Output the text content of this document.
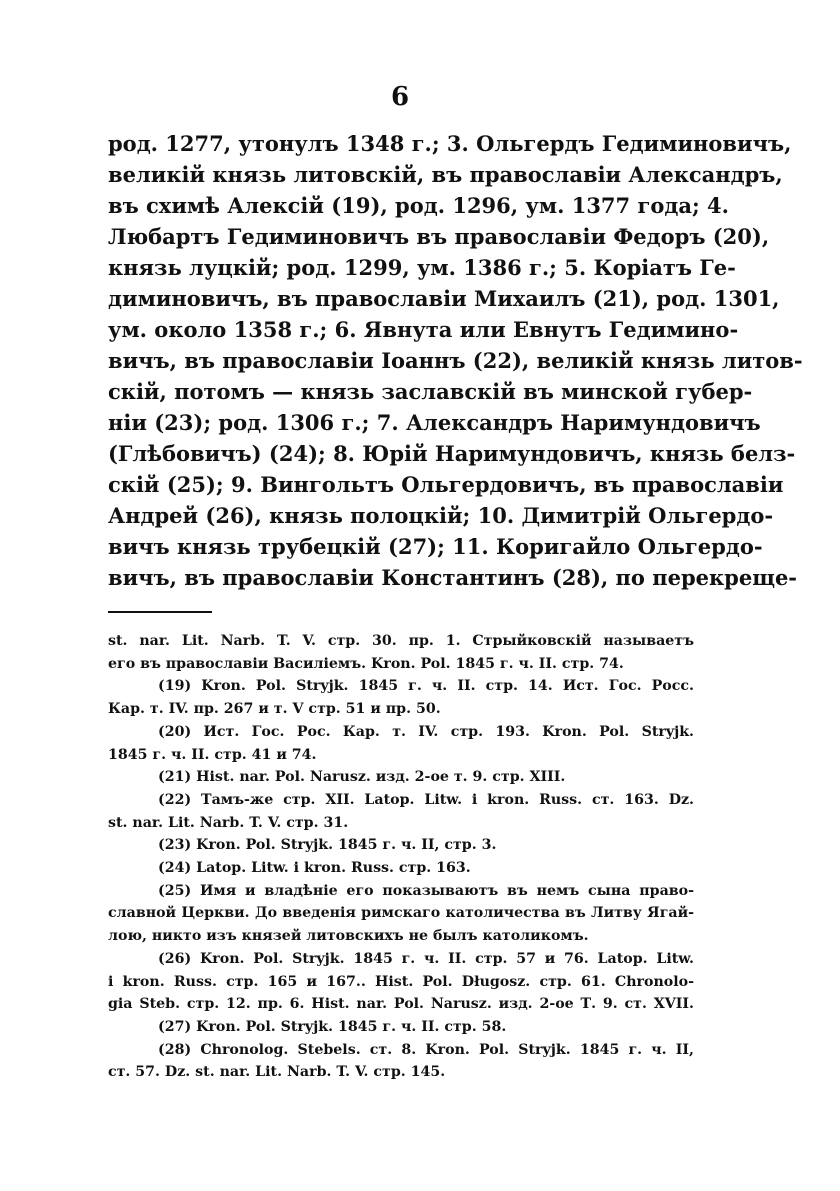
6
род. 1277, утонулъ 1348 г.; 3. Ольгердъ Гедиминовичъ,
великій князь литовскій, въ православіи Александръ,
въ схимѣ Алексій (19), род. 1296, ум. 1377 года; 4.
Любартъ Гедиминовичъ въ православіи Федоръ (20),
князь луцкій; род. 1299, ум. 1386 г.; 5. Коріатъ Ге-
диминовичъ, въ православіи Михаилъ (21), род. 1301,
ум. около 1358 г.; 6. Явнута или Евнутъ Гедимино-
вичъ, въ православіи Іоаннъ (22), великій князь литов-
скій, потомъ — князь заславскій въ минской губер-
ніи (23); род. 1306 г.; 7. Александръ Наримундовичъ
(Глѣбовичъ) (24); 8. Юрій Наримундовичъ, князь белз-
скій (25); 9. Вингольтъ Ольгердовичъ, въ православіи
Андрей (26), князь полоцкій; 10. Димитрій Ольгердо-
вичъ князь трубецкій (27); 11. Коригайло Ольгердо-
вичъ, въ православіи Константинъ (28), по перекреще-
st. nar. Lit. Narb. T. V. стр. 30. пр. 1. Стрыйковскій называетъ
его въ православіи Василіемъ. Kron. Pol. 1845 г. ч. II. стр. 74.
(19) Kron. Pol. Stryjk. 1845 г. ч. II. стр. 14. Ист. Гос. Росс.
Кар. т. IV. пр. 267 и т. V стр. 51 и пр. 50.
(20) Ист. Гос. Рос. Кар. т. IV. стр. 193. Kron. Pol. Stryjk.
1845 г. ч. II. стр. 41 и 74.
(21) Hist. nar. Pol. Narusz. изд. 2-ое т. 9. стр. XIII.
(22) Тамъ-же стр. XII. Latop. Litw. i kron. Russ. ст. 163. Dz.
st. nar. Lit. Narb. T. V. стр. 31.
(23) Kron. Pol. Stryjk. 1845 г. ч. II, стр. 3.
(24) Latop. Litw. i kron. Russ. стр. 163.
(25) Имя и владѣніе его показываютъ въ немъ сына право-
славной Церкви. До введенія римскаго католичества въ Литву Ягай-
лою, никто изъ князей литовскихъ не былъ католикомъ.
(26) Kron. Pol. Stryjk. 1845 г. ч. II. стр. 57 и 76. Latop. Litw.
i kron. Russ. стр. 165 и 167.. Hist. Pol. Długosz. стр. 61. Chronolo-
gia Steb. стр. 12. пр. 6. Hist. nar. Pol. Narusz. изд. 2-ое Т. 9. ст. XVII.
(27) Kron. Pol. Stryjk. 1845 г. ч. II. стр. 58.
(28) Chronolog. Stebels. ст. 8. Kron. Pol. Stryjk. 1845 г. ч. II,
ст. 57. Dz. st. nar. Lit. Narb. T. V. стр. 145.
